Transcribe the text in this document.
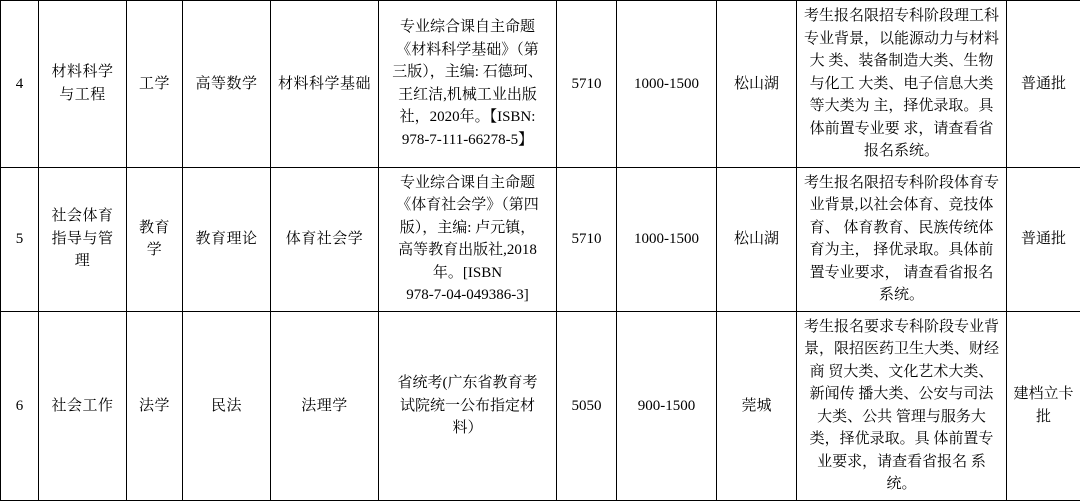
4	材料科学与工程	工学	高等数学	材料科学基础	
专业综合课自主命题
《材料科学基础》（第
三版），主编: 石德珂、
王红洁,机械工业出版
社，2020年。【ISBN:
978-7-111-66278-5】
	5710	1000-1500	松山湖	考生报名限招专科阶段理工科 专业背景，以能源动力与材料大 类、装备制造大类、生物与化工 大类、电子信息大类等大类为 主，择优录取。具体前置专业要 求，请查看省报名系统。	普通批
5	社会体育指导与管理	教育学	教育理论	体育社会学	
专业综合课自主命题
《体育社会学》（第四
版），主编: 卢元镇，
高等教育出版社,2018
年。[ISBN
978-7-04-049386-3]
	5710	1000-1500	松山湖	考生报名限招专科阶段体育专 业背景,以社会体育、竞技体育、 体育教育、民族传统体育为主， 择优录取。具体前置专业要求， 请查看省报名系统。	普通批
6	社会工作	法学	民法	法理学	省统考(广东省教育考
试院统一公布指定材
料）	5050	900-1500	莞城	考生报名要求专科阶段专业背 景，限招医药卫生大类、财经商 贸大类、文化艺术大类、新闻传 播大类、公安与司法大类、公共 管理与服务大类，择优录取。具 体前置专业要求，请查看省报名 系统。	建档立卡批
